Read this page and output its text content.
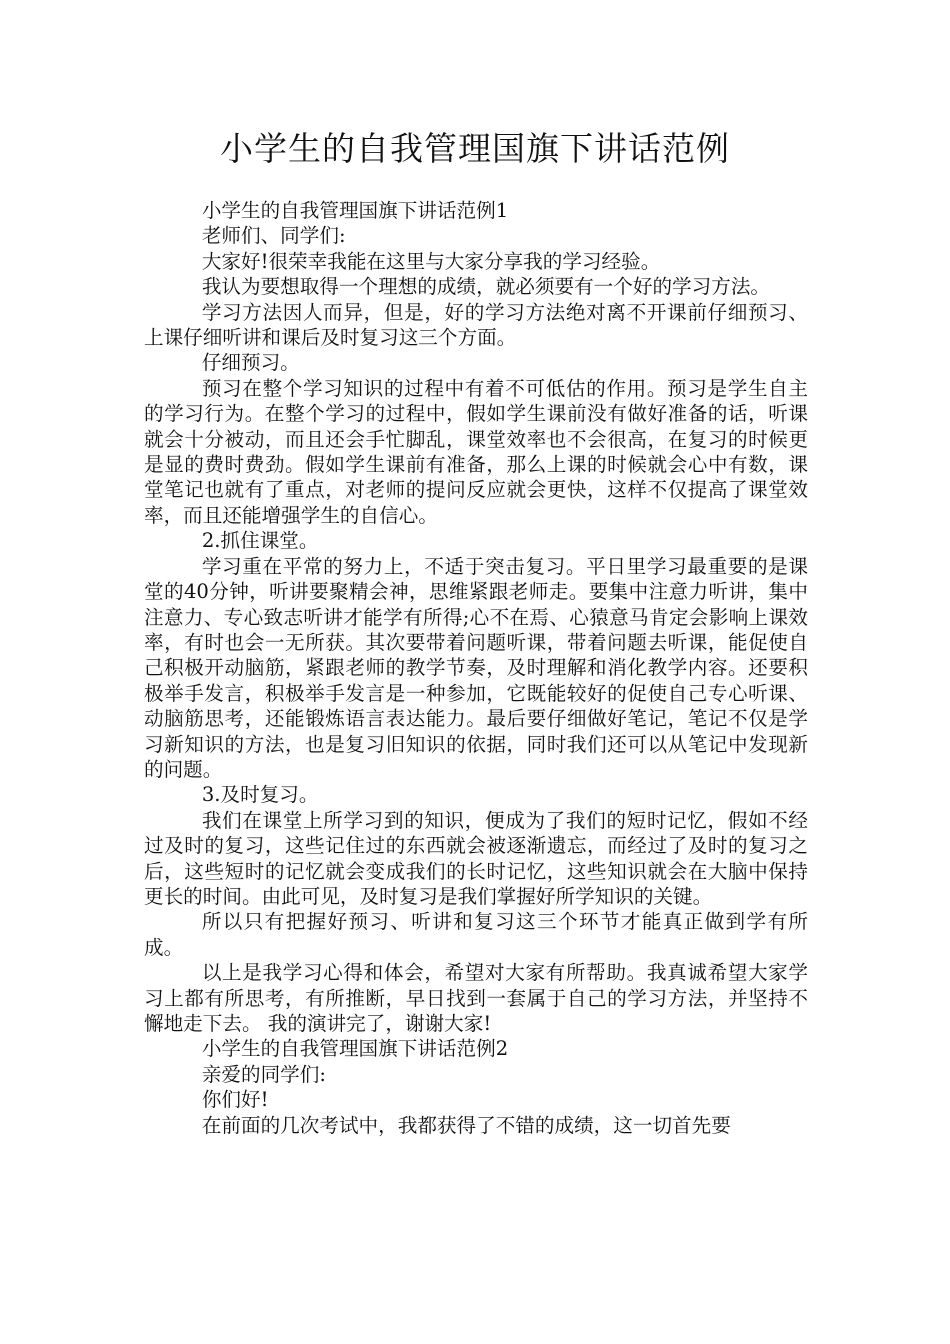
小学生的自我管理国旗下讲话范例

小学生的自我管理国旗下讲话范例1

老师们、同学们:

大家好!很荣幸我能在这里与大家分享我的学习经验。

我认为要想取得一个理想的成绩，就必须要有一个好的学习方法。

学习方法因人而异，但是，好的学习方法绝对离不开课前仔细预习、上课仔细听讲和课后及时复习这三个方面。

仔细预习。

预习在整个学习知识的过程中有着不可低估的作用。预习是学生自主的学习行为。在整个学习的过程中，假如学生课前没有做好准备的话，听课就会十分被动，而且还会手忙脚乱，课堂效率也不会很高，在复习的时候更是显的费时费劲。假如学生课前有准备，那么上课的时候就会心中有数，课堂笔记也就有了重点，对老师的提问反应就会更快，这样不仅提高了课堂效率，而且还能增强学生的自信心。

2.抓住课堂。

学习重在平常的努力上，不适于突击复习。平日里学习最重要的是课堂的40分钟，听讲要聚精会神，思维紧跟老师走。要集中注意力听讲，集中注意力、专心致志听讲才能学有所得;心不在焉、心猿意马肯定会影响上课效率，有时也会一无所获。其次要带着问题听课，带着问题去听课，能促使自己积极开动脑筋，紧跟老师的教学节奏，及时理解和消化教学内容。还要积极举手发言，积极举手发言是一种参加，它既能较好的促使自己专心听课、动脑筋思考，还能锻炼语言表达能力。最后要仔细做好笔记，笔记不仅是学习新知识的方法，也是复习旧知识的依据，同时我们还可以从笔记中发现新的问题。

3.及时复习。

我们在课堂上所学习到的知识，便成为了我们的短时记忆，假如不经过及时的复习，这些记住过的东西就会被逐渐遗忘，而经过了及时的复习之后，这些短时的记忆就会变成我们的长时记忆，这些知识就会在大脑中保持更长的时间。由此可见，及时复习是我们掌握好所学知识的关键。

所以只有把握好预习、听讲和复习这三个环节才能真正做到学有所成。

以上是我学习心得和体会，希望对大家有所帮助。我真诚希望大家学习上都有所思考，有所推断，早日找到一套属于自己的学习方法，并坚持不懈地走下去。 我的演讲完了，谢谢大家!

小学生的自我管理国旗下讲话范例2

亲爱的同学们:

你们好!

在前面的几次考试中，我都获得了不错的成绩，这一切首先要
